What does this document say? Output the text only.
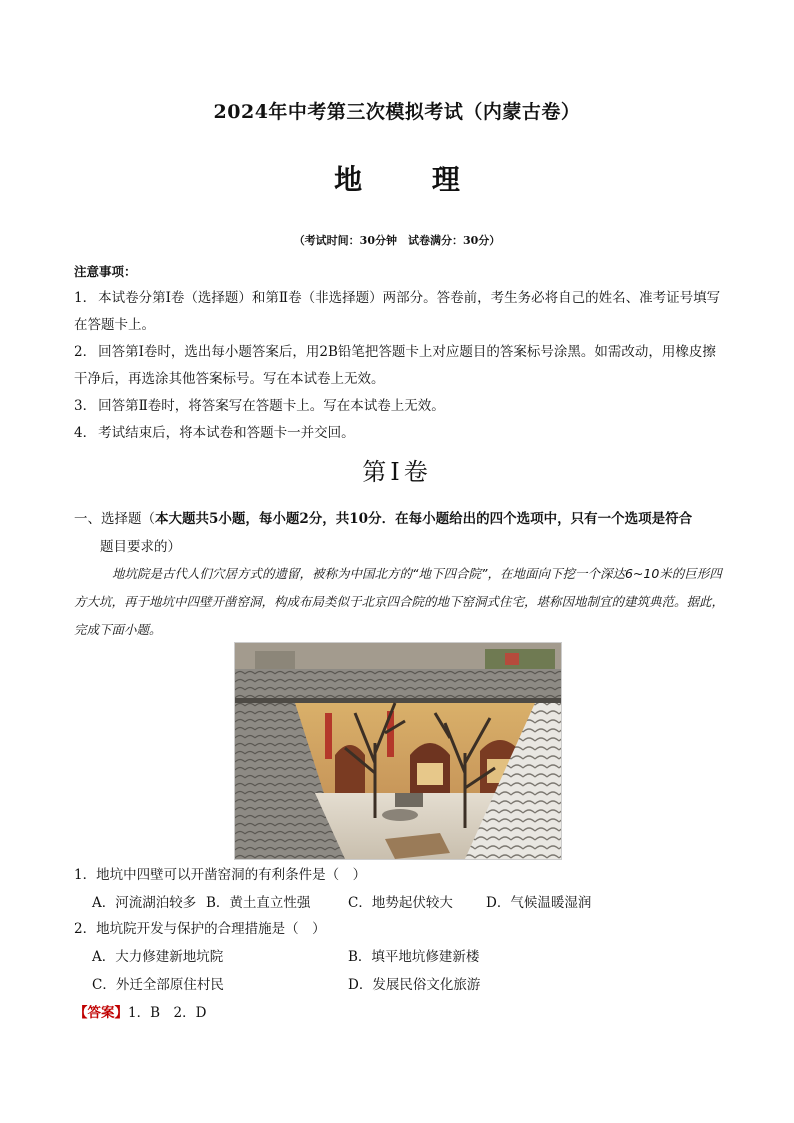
2024年中考第三次模拟考试（内蒙古卷）
地 理
（考试时间：30分钟　试卷满分：30分）
注意事项：
1． 本试卷分第Ⅰ卷（选择题）和第Ⅱ卷（非选择题）两部分。答卷前，考生务必将自己的姓名、准考证号填写在答题卡上。
2． 回答第Ⅰ卷时，选出每小题答案后，用2B铅笔把答题卡上对应题目的答案标号涂黑。如需改动，用橡皮擦干净后，再选涂其他答案标号。写在本试卷上无效。
3． 回答第Ⅱ卷时，将答案写在答题卡上。写在本试卷上无效。
4． 考试结束后，将本试卷和答题卡一并交回。
第Ⅰ卷
一、选择题（本大题共5小题，每小题2分，共10分．在每小题给出的四个选项中，只有一个选项是符合
题目要求的）
地坑院是古代人们穴居方式的遗留，被称为中国北方的“地下四合院”，在地面向下挖一个深达6~10米的巨形四方大坑，再于地坑中四壁开凿窑洞，构成布局类似于北京四合院的地下窑洞式住宅，堪称因地制宜的建筑典范。据此，完成下面小题。
1．地坑中四壁可以开凿窑洞的有利条件是（　）
A．河流湖泊较多 B．黄土直立性强	C．地势起伏较大 D．气候温暖湿润
2．地坑院开发与保护的合理措施是（　）
A．大力修建新地坑院	B．填平地坑修建新楼
C．外迁全部原住村民	D．发展民俗文化旅游
【答案】1．B　2．D
